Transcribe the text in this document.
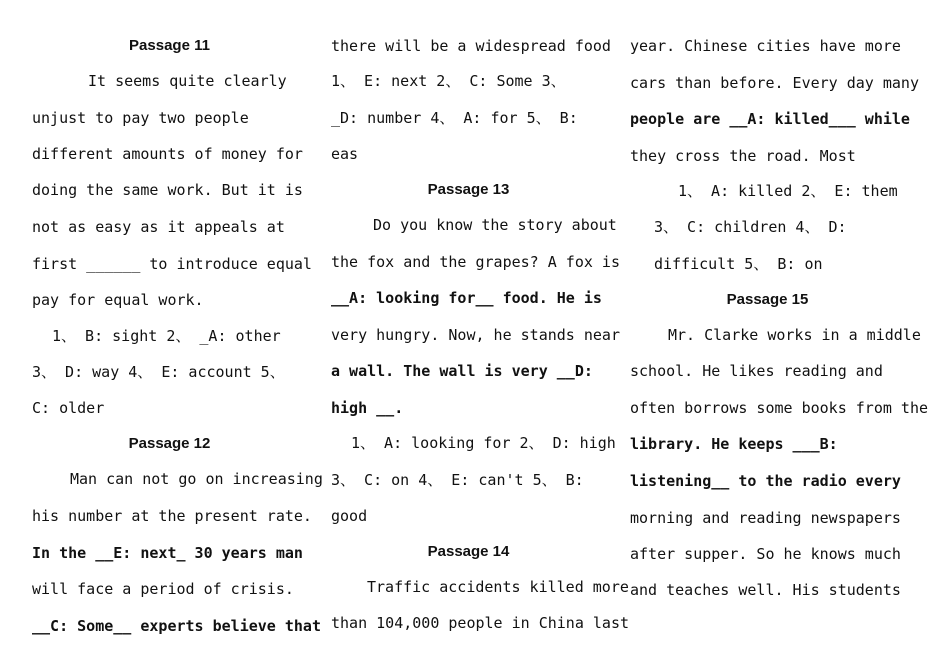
Passage 11
It seems quite clearly
unjust to pay two people
different amounts of money for
doing the same work. But it is
not as easy as it appeals at
first ______ to introduce equal
pay for equal work.
1、 B: sight 2、 _A: other
3、 D: way 4、 E: account 5、
C: older
Passage 12
Man can not go on increasing
his number at the present rate.
In the __E: next_ 30 years man
will face a period of crisis.
__C: Some__ experts believe that
there will be a widespread food
1、 E: next 2、 C: Some 3、
_D: number 4、 A: for 5、 B:
eas
Passage 13
Do you know the story about
the fox and the grapes? A fox is
__A: looking for__ food. He is
very hungry. Now, he stands near
a wall. The wall is very __D:
high __.
1、 A: looking for 2、 D: high
3、 C: on 4、 E: can't 5、 B:
good
Passage 14
Traffic accidents killed more
than 104,000 people in China last
year. Chinese cities have more
cars than before. Every day many
people are __A: killed___ while
they cross the road. Most
1、 A: killed 2、 E: them
3、 C: children 4、 D:
difficult 5、 B: on
Passage 15
Mr. Clarke works in a middle
school. He likes reading and
often borrows some books from the
library. He keeps ___B:
listening__ to the radio every
morning and reading newspapers
after supper. So he knows much
and teaches well. His students
